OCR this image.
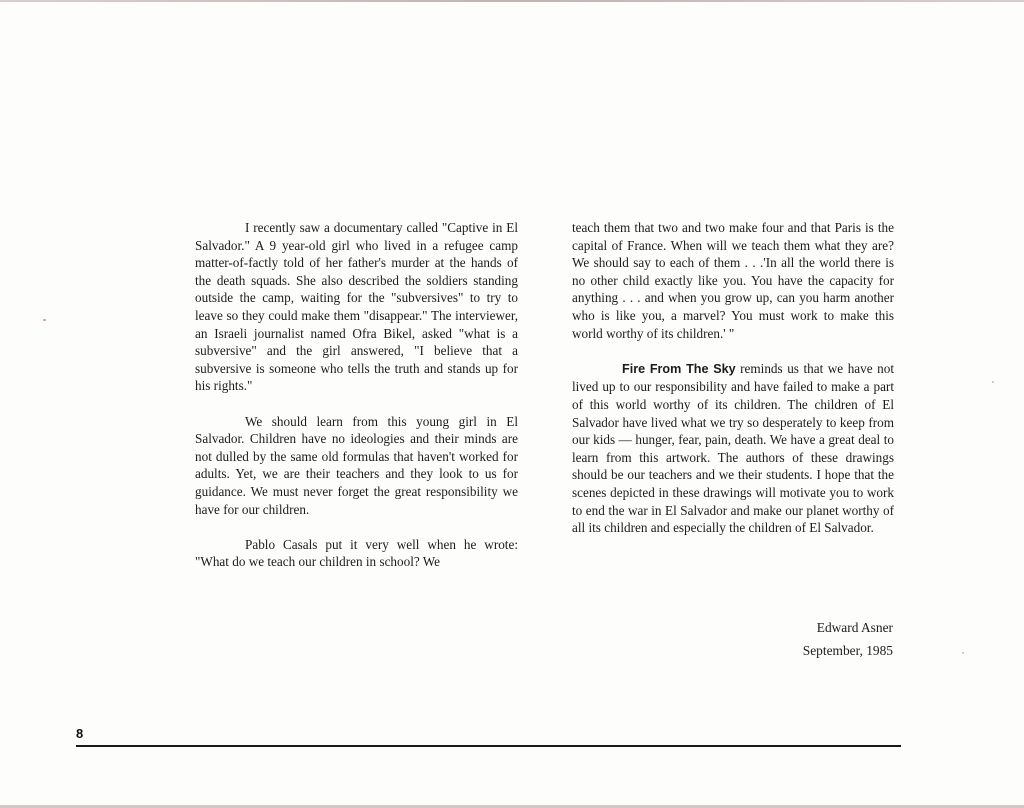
I recently saw a documentary called "Captive in El Salvador." A 9 year-old girl who lived in a refugee camp matter-of-factly told of her father's murder at the hands of the death squads. She also described the soldiers standing outside the camp, waiting for the "subversives" to try to leave so they could make them "disappear." The interviewer, an Israeli journalist named Ofra Bikel, asked "what is a subversive" and the girl answered, "I believe that a subversive is someone who tells the truth and stands up for his rights."

We should learn from this young girl in El Salvador. Children have no ideologies and their minds are not dulled by the same old formulas that haven't worked for adults. Yet, we are their teachers and they look to us for guidance. We must never forget the great responsibility we have for our children.

Pablo Casals put it very well when he wrote: "What do we teach our children in school? We

teach them that two and two make four and that Paris is the capital of France. When will we teach them what they are? We should say to each of them . . .'In all the world there is no other child exactly like you. You have the capacity for anything . . . and when you grow up, can you harm another who is like you, a marvel? You must work to make this world worthy of its children.' "

Fire From The Sky reminds us that we have not lived up to our responsibility and have failed to make a part of this world worthy of its children. The children of El Salvador have lived what we try so desperately to keep from our kids — hunger, fear, pain, death. We have a great deal to learn from this artwork. The authors of these drawings should be our teachers and we their students. I hope that the scenes depicted in these drawings will motivate you to work to end the war in El Salvador and make our planet worthy of all its children and especially the children of El Salvador.

Edward Asner
September, 1985
8
